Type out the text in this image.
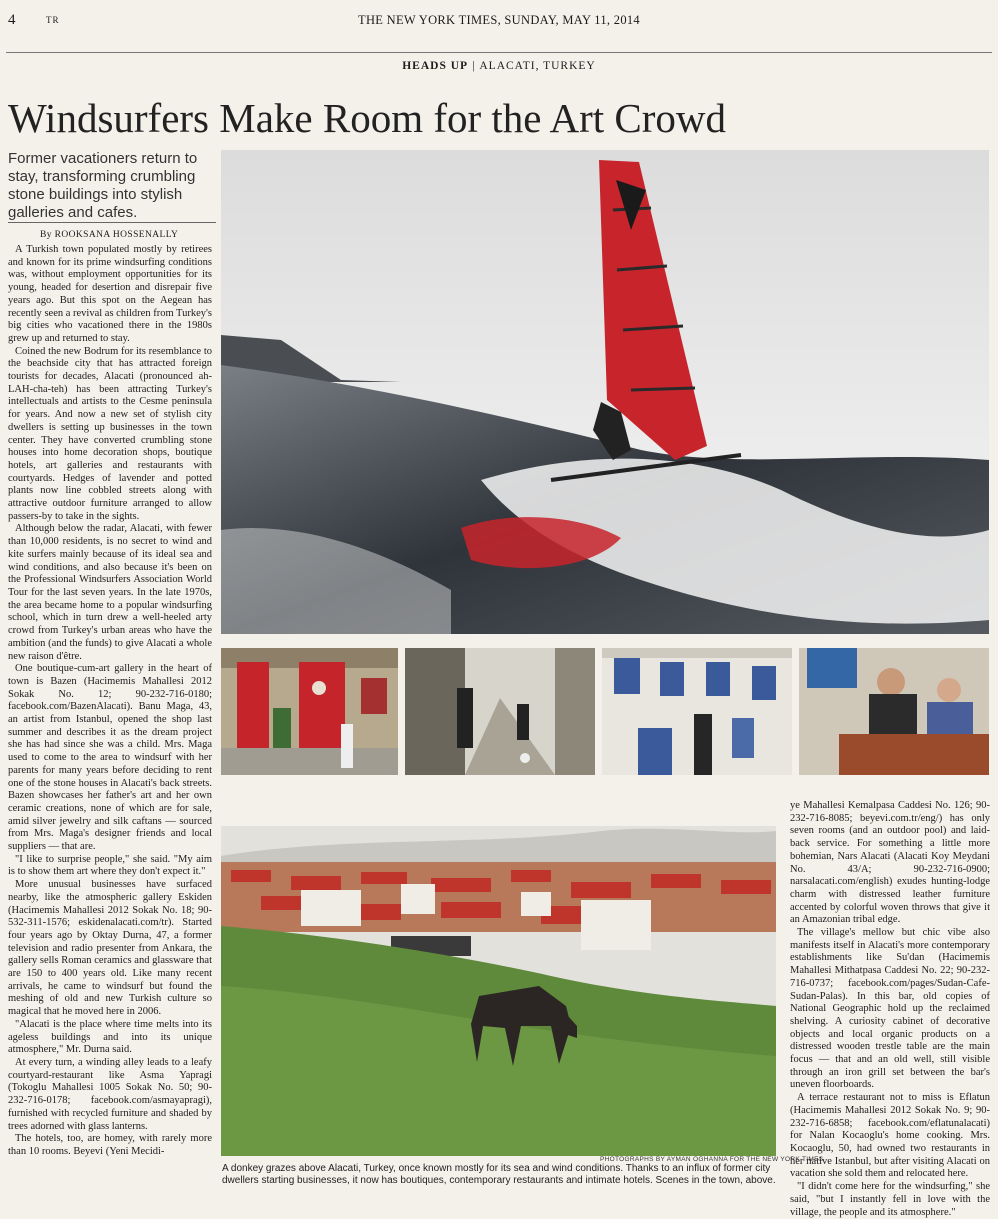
4	TR	THE NEW YORK TIMES, SUNDAY, MAY 11, 2014
HEADS UP | ALACATI, TURKEY
Windsurfers Make Room for the Art Crowd
Former vacationers return to stay, transforming crumbling stone buildings into stylish galleries and cafes.
By ROOKSANA HOSSENALLY

A Turkish town populated mostly by retirees and known for its prime windsurfing conditions was, without employment opportunities for its young, headed for desertion and disrepair five years ago. But this spot on the Aegean has recently seen a revival as children from Turkey's big cities who vacationed there in the 1980s grew up and returned to stay.

Coined the new Bodrum for its resemblance to the beachside city that has attracted foreign tourists for decades, Alacati (pronounced ah-LAH-cha-teh) has been attracting Turkey's intellectuals and artists to the Cesme peninsula for years. And now a new set of stylish city dwellers is setting up businesses in the town center. They have converted crumbling stone houses into home decoration shops, boutique hotels, art galleries and restaurants with courtyards. Hedges of lavender and potted plants now line cobbled streets along with attractive outdoor furniture arranged to allow passers-by to take in the sights.

Although below the radar, Alacati, with fewer than 10,000 residents, is no secret to wind and kite surfers mainly because of its ideal sea and wind conditions, and also because it's been on the Professional Windsurfers Association World Tour for the last seven years. In the late 1970s, the area became home to a popular windsurfing school, which in turn drew a well-heeled arty crowd from Turkey's urban areas who have the ambition (and the funds) to give Alacati a whole new raison d'être.

One boutique-cum-art gallery in the heart of town is Bazen (Hacimemis Mahallesi 2012 Sokak No. 12; 90-232-716-0180; facebook.com/BazenAlacati). Banu Maga, 43, an artist from Istanbul, opened the shop last summer and describes it as the dream project she has had since she was a child. Mrs. Maga used to come to the area to windsurf with her parents for many years before deciding to rent one of the stone houses in Alacati's back streets. Bazen showcases her father's art and her own ceramic creations, none of which are for sale, amid silver jewelry and silk caftans — sourced from Mrs. Maga's designer friends and local suppliers — that are.

"I like to surprise people," she said. "My aim is to show them art where they don't expect it."

More unusual businesses have surfaced nearby, like the atmospheric gallery Eskiden (Hacimemis Mahallesi 2012 Sokak No. 18; 90-532-311-1576; eskidenalacati.com/tr). Started four years ago by Oktay Durna, 47, a former television and radio presenter from Ankara, the gallery sells Roman ceramics and glassware that are 150 to 400 years old. Like many recent arrivals, he came to windsurf but found the meshing of old and new Turkish culture so magical that he moved here in 2006.

"Alacati is the place where time melts into its ageless buildings and into its unique atmosphere," Mr. Durna said.

At every turn, a winding alley leads to a leafy courtyard-restaurant like Asma Yapragi (Tokoglu Mahallesi 1005 Sokak No. 50; 90-232-716-0178; facebook.com/asmayapragi), furnished with recycled furniture and shaded by trees adorned with glass lanterns.

The hotels, too, are homey, with rarely more than 10 rooms. Beyevi (Yeni Mecidi-

PHOTOGRAPHS BY AYMAN OGHANNA FOR THE NEW YORK TIMES
A donkey grazes above Alacati, Turkey, once known mostly for its sea and wind conditions. Thanks to an influx of former city dwellers starting businesses, it now has boutiques, contemporary restaurants and intimate hotels. Scenes in the town, above.

ye Mahallesi Kemalpasa Caddesi No. 126; 90-232-716-8085; beyevi.com.tr/eng/) has only seven rooms (and an outdoor pool) and laid-back service. For something a little more bohemian, Nars Alacati (Alacati Koy Meydani No. 43/A; 90-232-716-0900; narsalacati.com/english) exudes hunting-lodge charm with distressed leather furniture accented by colorful woven throws that give it an Amazonian tribal edge.

The village's mellow but chic vibe also manifests itself in Alacati's more contemporary establishments like Su'dan (Hacimemis Mahallesi Mithatpasa Caddesi No. 22; 90-232-716-0737; facebook.com/pages/Sudan-Cafe-Sudan-Palas). In this bar, old copies of National Geographic hold up the reclaimed shelving. A curiosity cabinet of decorative objects and local organic products on a distressed wooden trestle table are the main focus — that and an old well, still visible through an iron grill set between the bar's uneven floorboards.

A terrace restaurant not to miss is Eflatun (Hacimemis Mahallesi 2012 Sokak No. 9; 90-232-716-6858; facebook.com/eflatunalacati) for Nalan Kocaoglu's home cooking. Mrs. Kocaoglu, 50, had owned two restaurants in her native Istanbul, but after visiting Alacati on vacation she sold them and relocated here.

"I didn't come here for the windsurfing," she said, "but I instantly fell in love with the village, the people and its atmosphere."
